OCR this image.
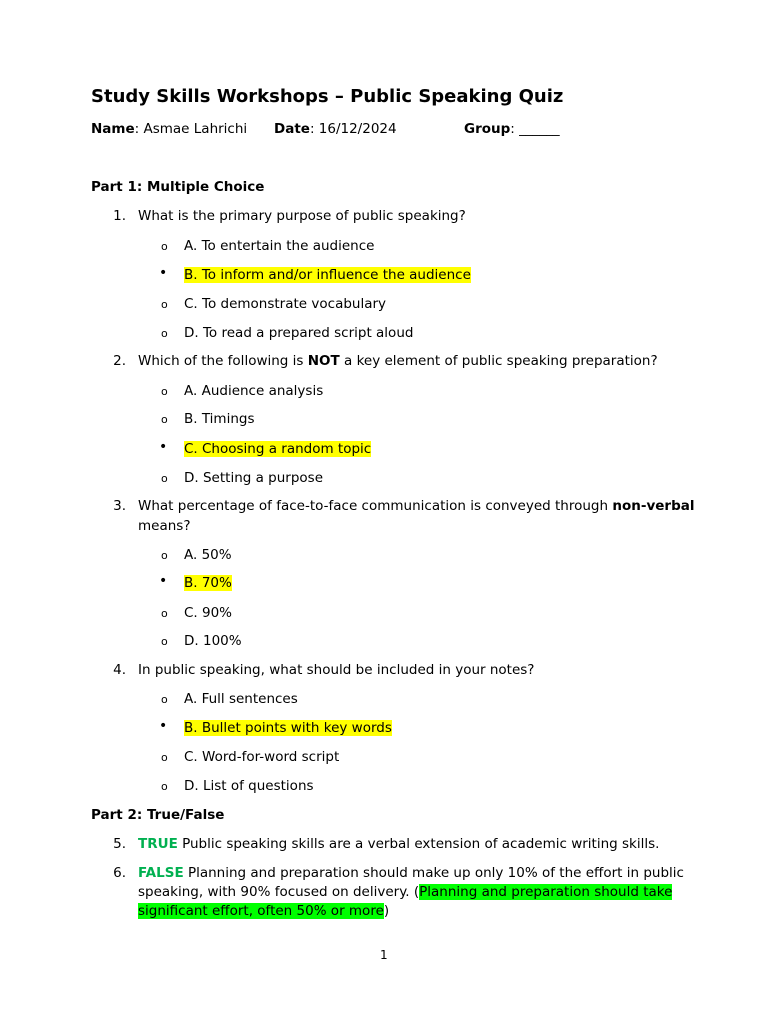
Study Skills Workshops – Public Speaking Quiz
Name: Asmae Lahrichi Date: 16/12/2024	Group: ______
Part 1: Multiple Choice
1. What is the primary purpose of public speaking?
o A. To entertain the audience
• B. To inform and/or influence the audience
o C. To demonstrate vocabulary
o D. To read a prepared script aloud
2. Which of the following is NOT a key element of public speaking preparation?
o A. Audience analysis
o B. Timings
• C. Choosing a random topic
o D. Setting a purpose
3. What percentage of face-to-face communication is conveyed through non-verbal
means?
o A. 50%
• B. 70%
o C. 90%
o D. 100%
4. In public speaking, what should be included in your notes?
o A. Full sentences
• B. Bullet points with key words
o C. Word-for-word script
o D. List of questions
Part 2: True/False
5. TRUE Public speaking skills are a verbal extension of academic writing skills.
6. FALSE Planning and preparation should make up only 10% of the effort in public
speaking, with 90% focused on delivery. (Planning and preparation should take
significant effort, often 50% or more)
1
